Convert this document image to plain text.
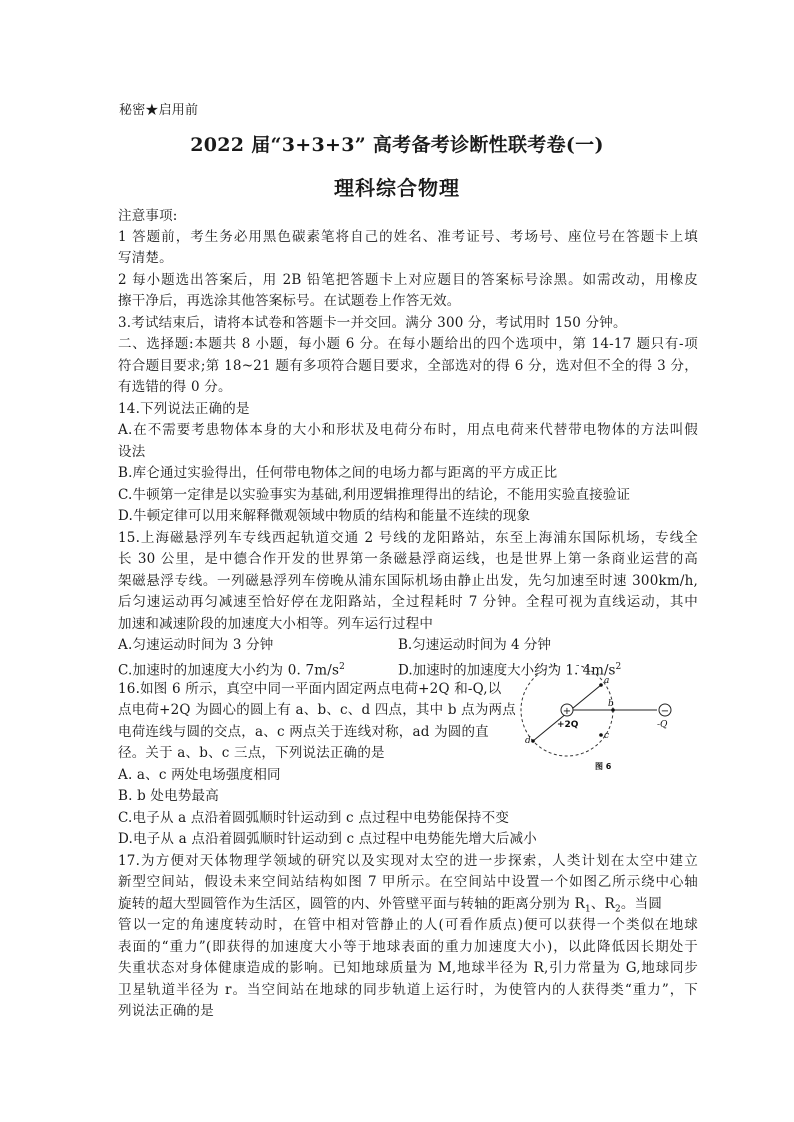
秘密★启用前
2022 届“3+3+3” 高考备考诊断性联考卷(一)
理科综合物理
注意事项:
1 答题前，考生务必用黑色碳素笔将自己的姓名、准考证号、考场号、座位号在答题卡上填
写清楚。
2 每小题选出答案后，用 2B 铅笔把答题卡上对应题目的答案标号涂黑。如需改动，用橡皮
擦干净后，再选涂其他答案标号。在试题卷上作答无效。
3.考试结束后，请将本试卷和答题卡一并交回。满分 300 分，考试用时 150 分钟。
二、选择题:本题共 8 小题，每小题 6 分。在每小题给出的四个选项中，第 14-17 题只有-项
符合题目要求;第 18~21 题有多项符合题目要求，全部选对的得 6 分，选对但不全的得 3 分，
有选错的得 0 分。
14.下列说法正确的是
A.在不需要考患物体本身的大小和形状及电荷分布时，用点电荷来代替带电物体的方法叫假
设法
B.库仑通过实验得出，任何带电物体之间的电场力都与距离的平方成正比
C.牛顿第一定律是以实验事实为基础,利用逻辑推理得出的结论，不能用实验直接验证
D.牛顿定律可以用来解释微观领域中物质的结构和能量不连续的现象
15.上海磁悬浮列车专线西起轨道交通 2 号线的龙阳路站，东至上海浦东国际机场，专线全
长 30 公里，是中德合作开发的世界第一条磁悬浮商运线，也是世界上第一条商业运营的高
架磁悬浮专线。一列磁悬浮列车傍晚从浦东国际机场由静止出发，先匀加速至时速 300km/h,
后匀速运动再匀减速至恰好停在龙阳路站，全过程耗时 7 分钟。全程可视为直线运动，其中
加速和减速阶段的加速度大小相等。列车运行过程中
A.匀速运动时间为 3 分钟	B.匀速运动时间为 4 分钟
C.加速时的加速度大小约为 0. $7m/s^2$	D.加速时的加速度大小约为 1. $4m/s^2$
16.如图 6 所示，真空中同一平面内固定两点电荷+2Q 和-Q,以
点电荷+2Q 为圆心的圆上有 a、b、c、d 四点，其中 b 点为两点
电荷连线与圆的交点，a、c 两点关于连线对称，ad 为圆的直
径。关于 a、b、c 三点，下列说法正确的是
A. a、c 两处电场强度相同
B. b 处电势最高
C.电子从 a 点沿着圆弧顺时针运动到 c 点过程中电势能保持不变
D.电子从 a 点沿着圆弧顺时针运动到 c 点过程中电势能先增大后减小
+	−
a
b
c
d
+2Q	-Q
图 6
17.为方便对天体物理学领域的研究以及实现对太空的进一步探索，人类计划在太空中建立
新型空间站，假设未来空间站结构如图 7 甲所示。在空间站中设置一个如图乙所示绕中心轴
旋转的超大型圆管作为生活区，圆管的内、外管壁平面与转轴的距离分别为 $R_1$、$R_2$。当圆
管以一定的角速度转动时，在管中相对管静止的人(可看作质点)便可以获得一个类似在地球
表面的“重力”(即获得的加速度大小等于地球表面的重力加速度大小)，以此降低因长期处于
失重状态对身体健康造成的影响。已知地球质量为 M,地球半径为 R,引力常量为 G,地球同步
卫星轨道半径为 r。当空间站在地球的同步轨道上运行时，为使管内的人获得类“重力”，下
列说法正确的是
